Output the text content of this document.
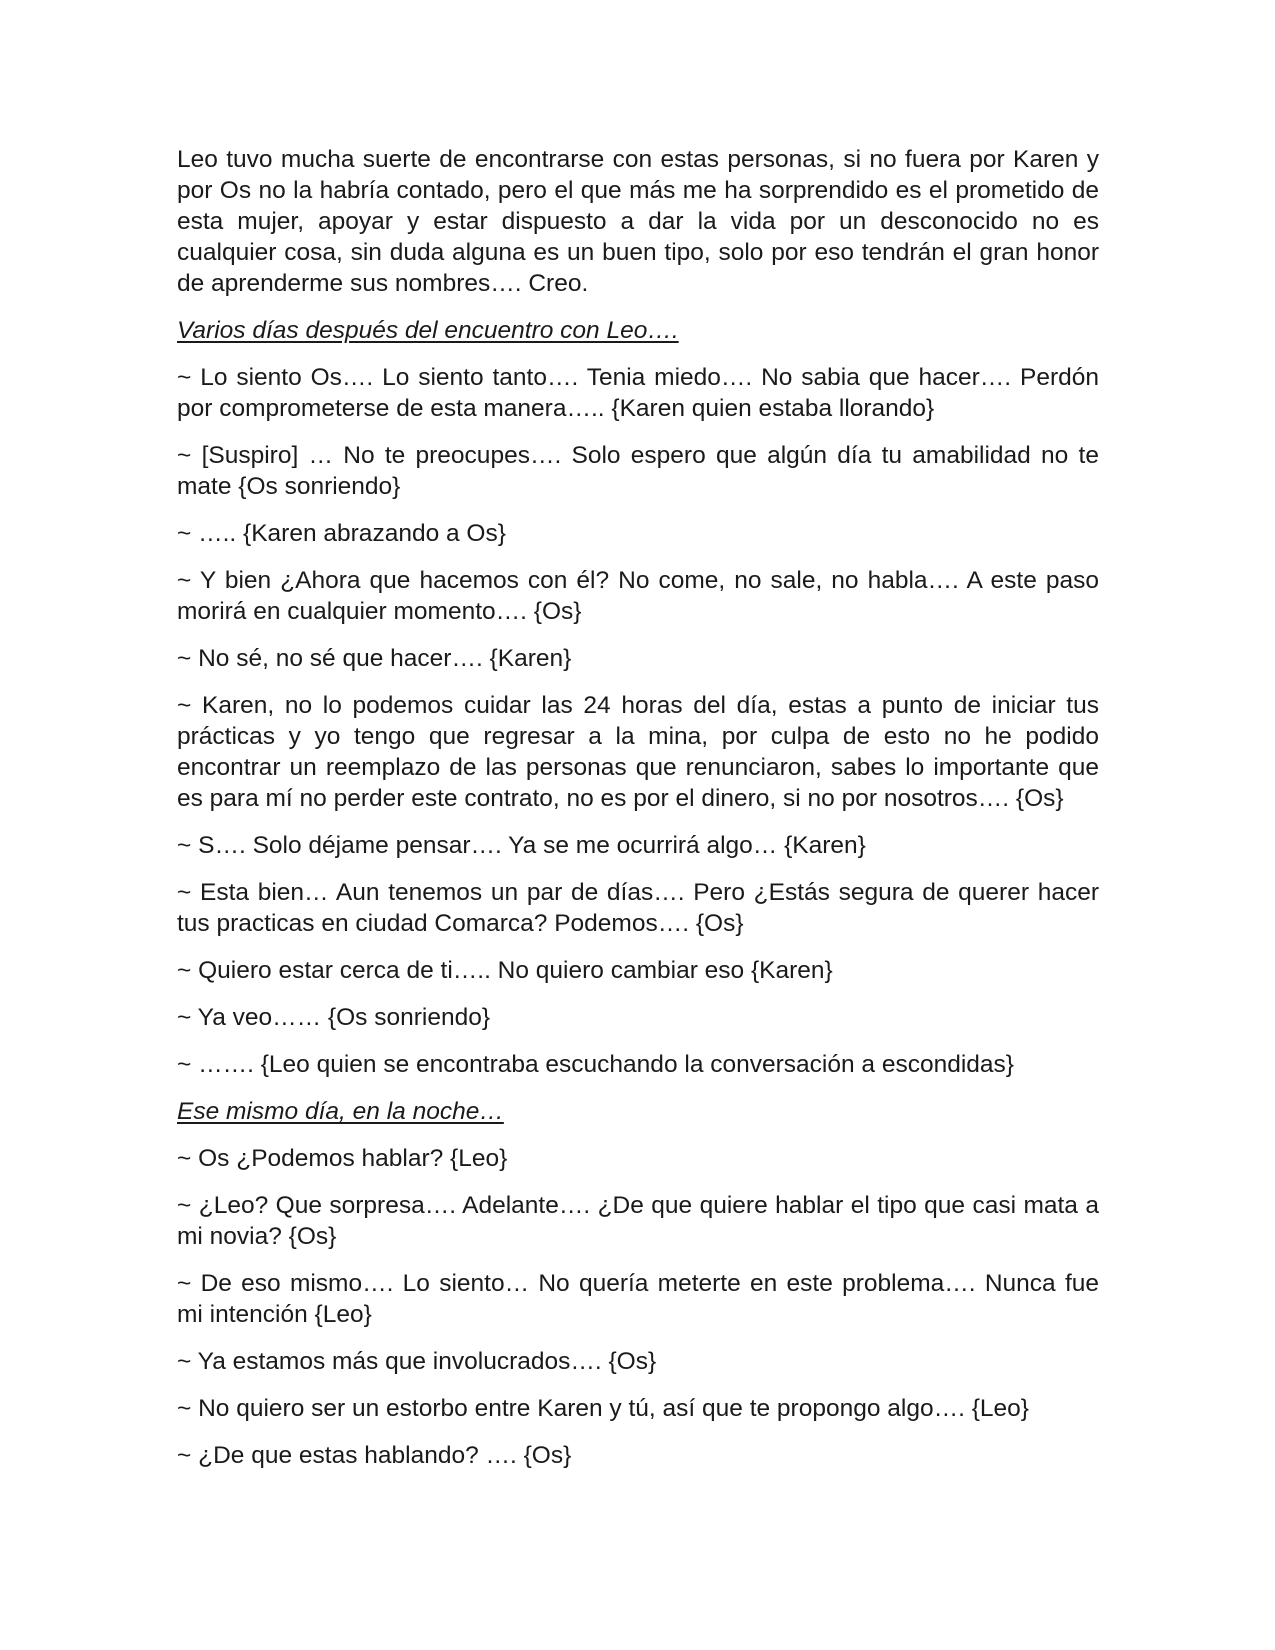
Leo tuvo mucha suerte de encontrarse con estas personas, si no fuera por Karen y por Os no la habría contado, pero el que más me ha sorprendido es el prometido de esta mujer, apoyar y estar dispuesto a dar la vida por un desconocido no es cualquier cosa, sin duda alguna es un buen tipo, solo por eso tendrán el gran honor de aprenderme sus nombres…. Creo.

Varios días después del encuentro con Leo….

~ Lo siento Os…. Lo siento tanto…. Tenia miedo…. No sabia que hacer…. Perdón por comprometerse de esta manera….. {Karen quien estaba llorando}

~ [Suspiro] … No te preocupes…. Solo espero que algún día tu amabilidad no te mate {Os sonriendo}

~ ….. {Karen abrazando a Os}

~ Y bien ¿Ahora que hacemos con él? No come, no sale, no habla…. A este paso morirá en cualquier momento…. {Os}

~ No sé, no sé que hacer…. {Karen}

~ Karen, no lo podemos cuidar las 24 horas del día, estas a punto de iniciar tus prácticas y yo tengo que regresar a la mina, por culpa de esto no he podido encontrar un reemplazo de las personas que renunciaron, sabes lo importante que es para mí no perder este contrato, no es por el dinero, si no por nosotros…. {Os}

~ S…. Solo déjame pensar…. Ya se me ocurrirá algo… {Karen}

~ Esta bien… Aun tenemos un par de días…. Pero ¿Estás segura de querer hacer tus practicas en ciudad Comarca? Podemos…. {Os}

~ Quiero estar cerca de ti….. No quiero cambiar eso {Karen}

~ Ya veo…… {Os sonriendo}

~ ……. {Leo quien se encontraba escuchando la conversación a escondidas}

Ese mismo día, en la noche…

~ Os ¿Podemos hablar? {Leo}

~ ¿Leo? Que sorpresa…. Adelante…. ¿De que quiere hablar el tipo que casi mata a mi novia? {Os}

~ De eso mismo…. Lo siento… No quería meterte en este problema…. Nunca fue mi intención {Leo}

~ Ya estamos más que involucrados…. {Os}

~ No quiero ser un estorbo entre Karen y tú, así que te propongo algo…. {Leo}

~ ¿De que estas hablando? …. {Os}
